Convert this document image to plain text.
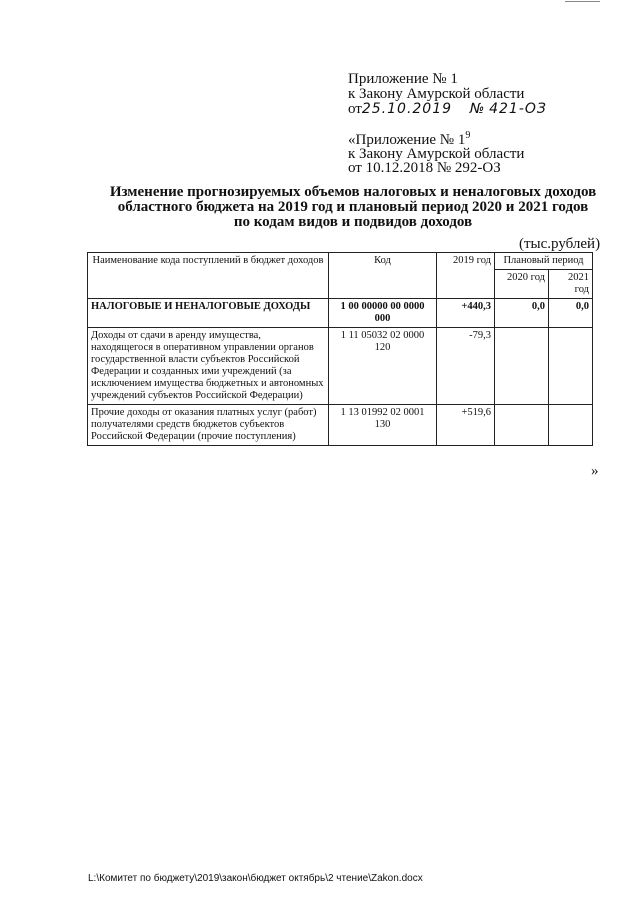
Приложение № 1
к Закону Амурской области
от25.10.2019 № 421-ОЗ
«Приложение № $1^9$
к Закону Амурской области
от 10.12.2018 № 292-ОЗ
Изменение прогнозируемых объемов налоговых и неналоговых доходов
областного бюджета на 2019 год и плановый период 2020 и 2021 годов
по кодам видов и подвидов доходов
(тыс.рублей)
Наименование кода поступлений в бюджет доходов	Код	2019 год	Плановый период	
			2020 год	2021 год
НАЛОГОВЫЕ И НЕНАЛОГОВЫЕ ДОХОДЫ	1 00 00000 00 0000 000	+440,3	0,0	0,0
Доходы от сдачи в аренду имущества, находящегося в оперативном управлении органов государственной власти субъектов Российской Федерации и созданных ими учреждений (за исключением имущества бюджетных и автономных учреждений субъектов Российской Федерации)	1 11 05032 02 0000 120	-79,3		
Прочие доходы от оказания платных услуг (работ) получателями средств бюджетов субъектов Российской Федерации (прочие поступления)	1 13 01992 02 0001 130	+519,6		
»
L:\Комитет по бюджету\2019\закон\бюджет октябрь\2 чтение\Zakon.docx
